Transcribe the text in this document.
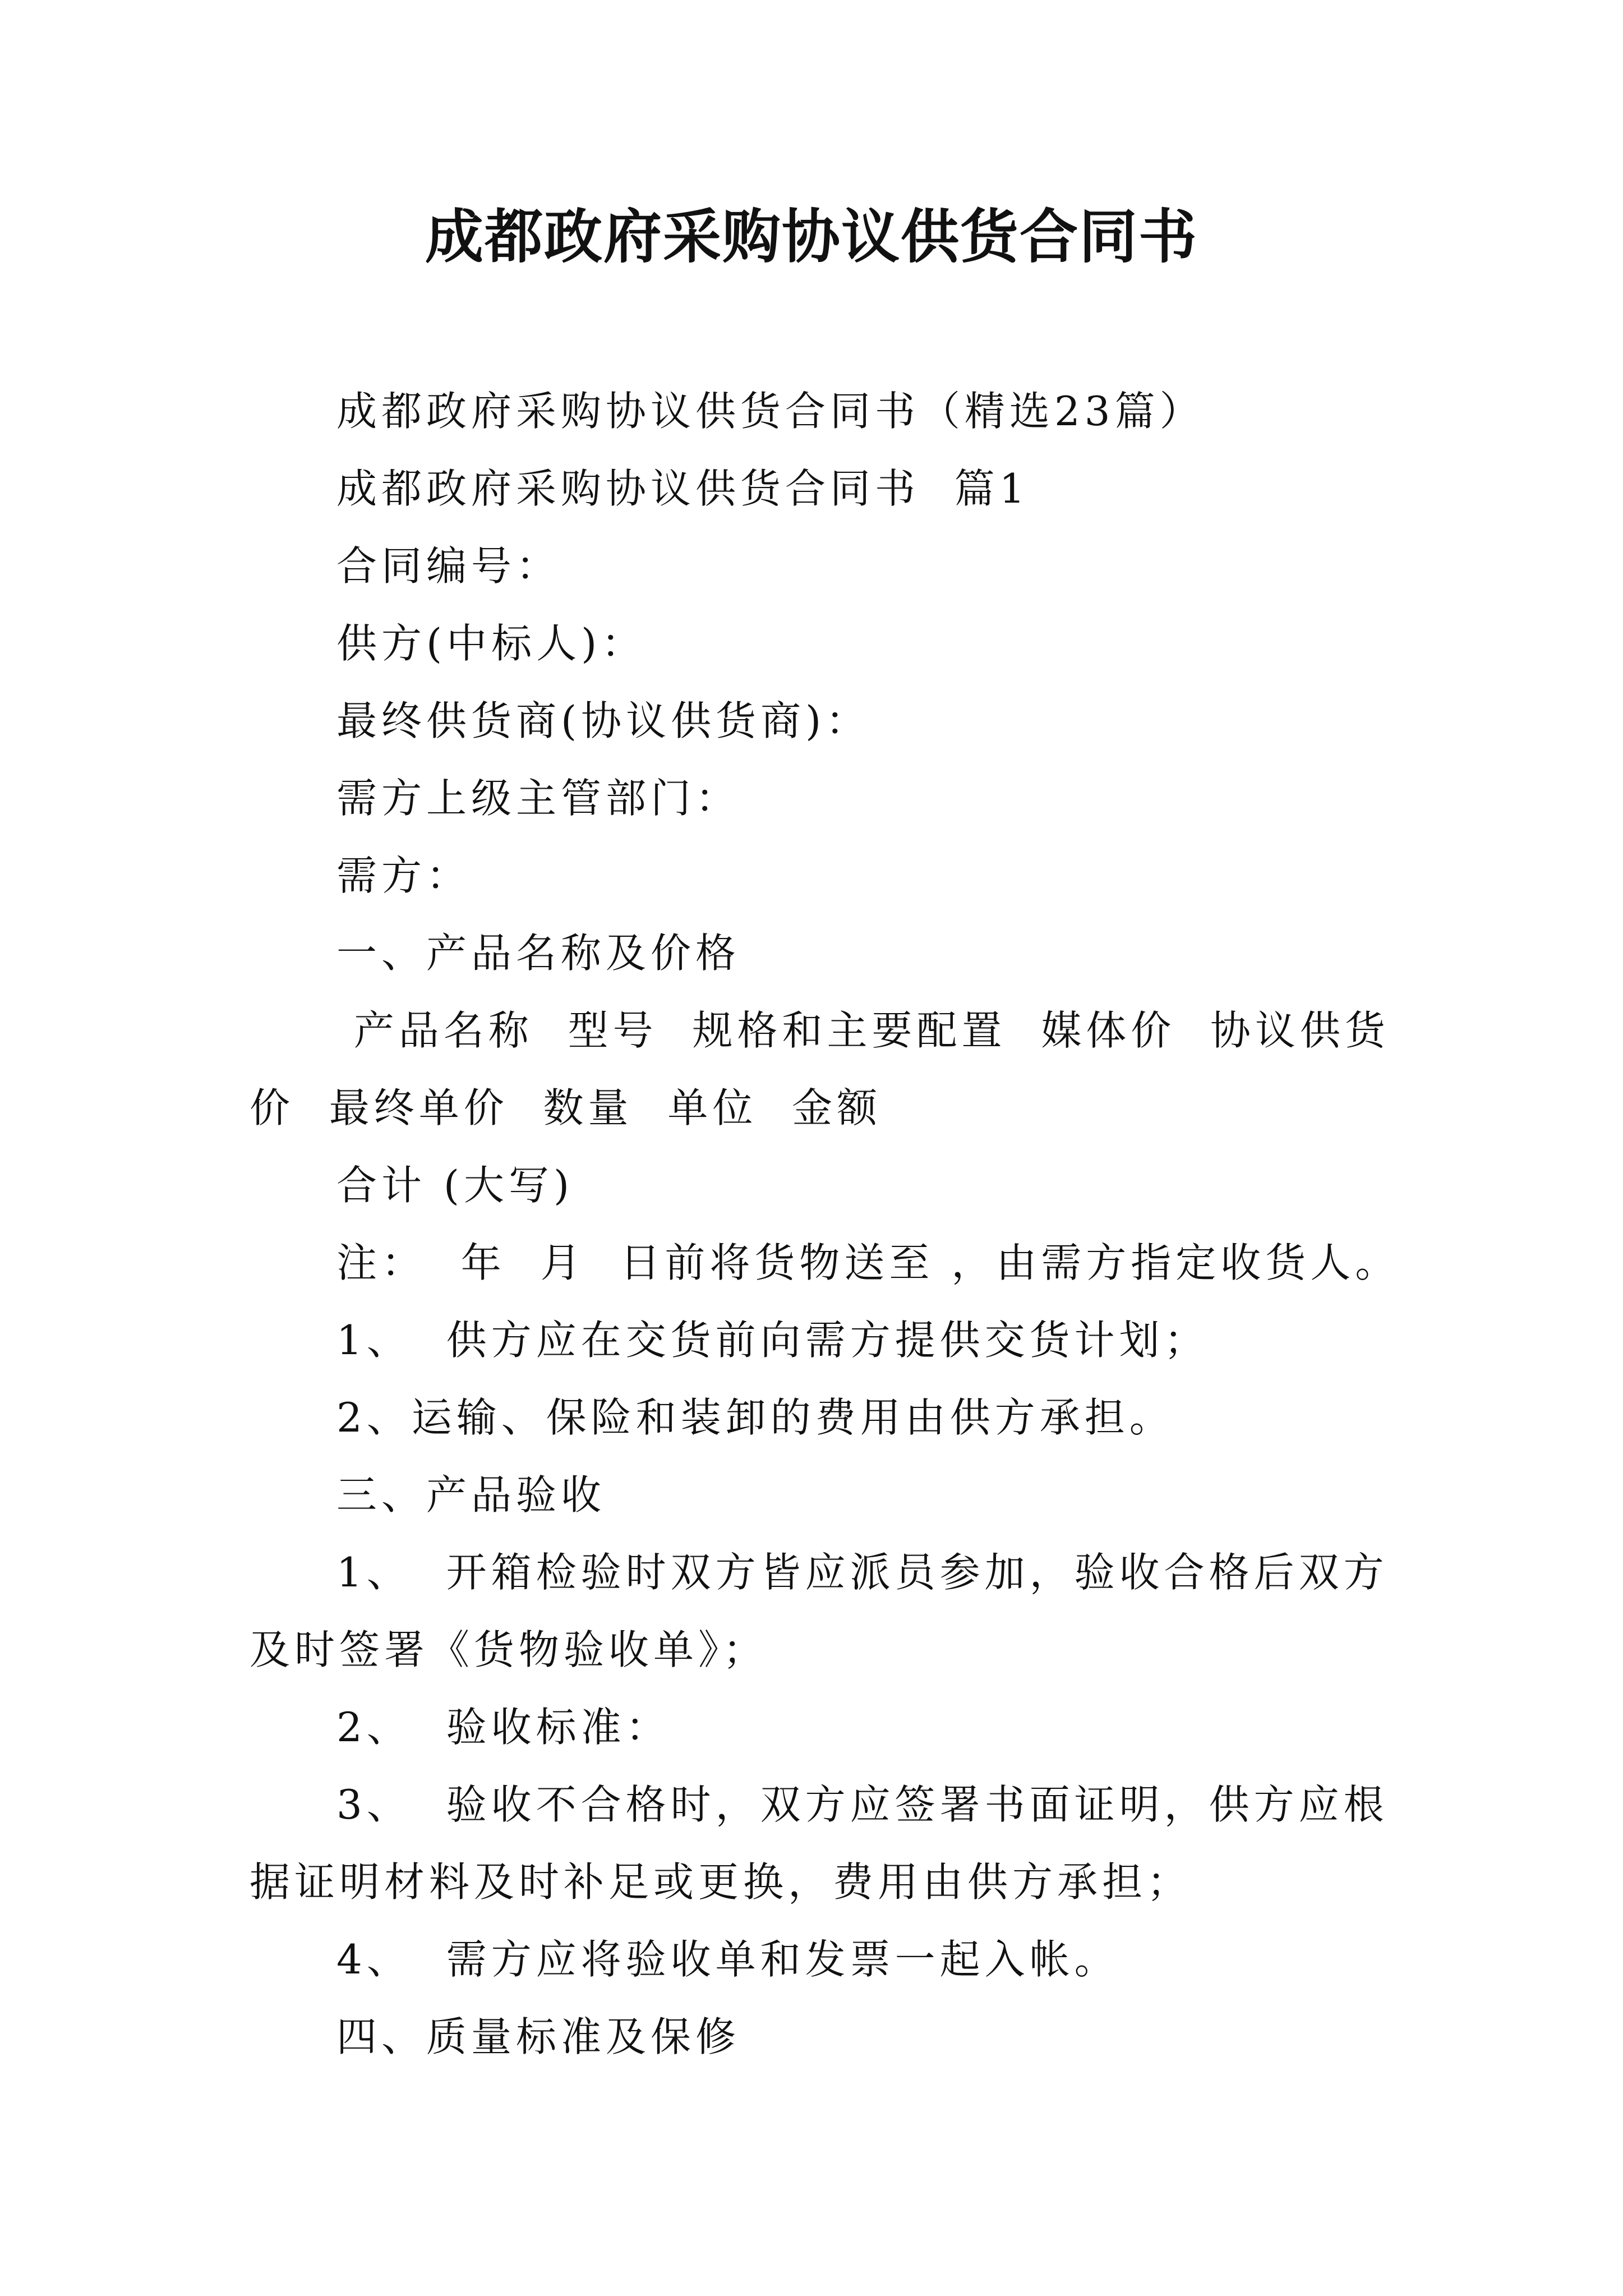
成都政府采购协议供货合同书

成都政府采购协议供货合同书（精选23篇）

成都政府采购协议供货合同书  篇1

合同编号：

供方(中标人)：

最终供货商(协议供货商)：

需方上级主管部门：

需方：

一、产品名称及价格

产品名称  型号  规格和主要配置  媒体价  协议供货价  最终单价  数量  单位  金额

合计 (大写)

注：  年  月  日前将货物送至 ，由需方指定收货人。

1、  供方应在交货前向需方提供交货计划；

2、运输、保险和装卸的费用由供方承担。

三、产品验收

1、  开箱检验时双方皆应派员参加，验收合格后双方及时签署《货物验收单》；

2、  验收标准：

3、  验收不合格时，双方应签署书面证明，供方应根据证明材料及时补足或更换，费用由供方承担；

4、  需方应将验收单和发票一起入帐。

四、质量标准及保修
